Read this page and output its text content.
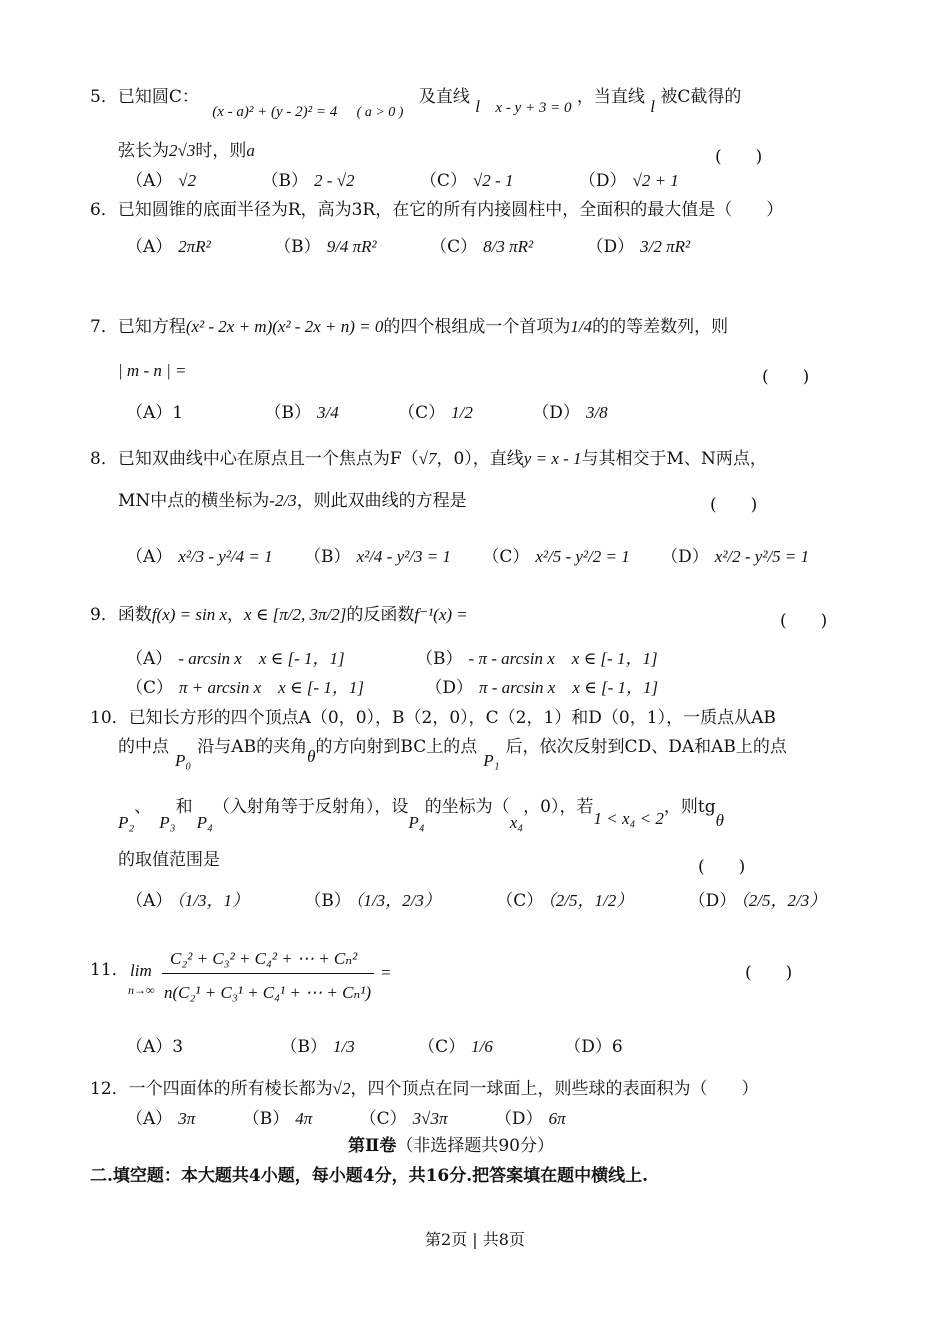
5．已知圆C： (x - a)² + (y - 2)² = 4 $_{( a > 0 )}$ 及直线 l x - y + 3 = 0 ，当直线 l 被C截得的
弦长为2√3时，则a	(　　)
（A） √2	（B） 2 - √2	（C） √2 - 1	（D） √2 + 1
6．已知圆锥的底面半径为R，高为3R，在它的所有内接圆柱中，全面积的最大值是（　　）
（A） 2πR²	（B） 9/4 πR²	（C） 8/3 πR²	（D） 3/2 πR²
7．已知方程(x² - 2x + m)(x² - 2x + n) = 0的四个根组成一个首项为1/4的的等差数列，则
| m - n | =	(　　)
（A）1	（B） 3/4	（C） 1/2	（D） 3/8
8．已知双曲线中心在原点且一个焦点为F（√7，0），直线y = x - 1与其相交于M、N两点，
MN中点的横坐标为-2/3，则此双曲线的方程是	(　　)
（A） x²/3 - y²/4 = 1 （B） x²/4 - y²/3 = 1 （C） x²/5 - y²/2 = 1 （D） x²/2 - y²/5 = 1
9．函数f(x) = sin x，x ∈ [π/2, 3π/2]的反函数f⁻¹(x) =	(　　)
（A） - arcsin x　x ∈ [- 1，1]	（B） - π - arcsin x　x ∈ [- 1，1]
（C） π + arcsin x　x ∈ [- 1，1]	（D） π - arcsin x　x ∈ [- 1，1]
10．已知长方形的四个顶点A（0，0），B（2，0），C（2，1）和D（0，1），一质点从AB
的中点P₀沿与AB的夹角θ的方向射到BC上的点P₁后，依次反射到CD、DA和AB上的点
P₂、P₃和P₄（入射角等于反射角），设P₄的坐标为（x₄，0），若1 < x₄ < 2，则tgθ
的取值范围是	(　　)
（A） （1/3，1）	（B） （1/3，2/3）	（C） （2/5，1/2）	（D） （2/5，2/3）
11． lim
n→∞
C₂² + C₃² + C₄² + ⋯ + Cₙ²
n(C₂¹ + C₃¹ + C₄¹ + ⋯ + Cₙ¹)
=	(　　)
（A）3	（B） 1/3	（C） 1/6	（D）6
12．一个四面体的所有棱长都为√2，四个顶点在同一球面上，则些球的表面积为（　　）
（A） 3π	（B） 4π	（C） 3√3π	（D） 6π
第Ⅱ卷（非选择题共90分）
二.填空题：本大题共4小题，每小题4分，共16分.把答案填在题中横线上.
第2页 | 共8页
